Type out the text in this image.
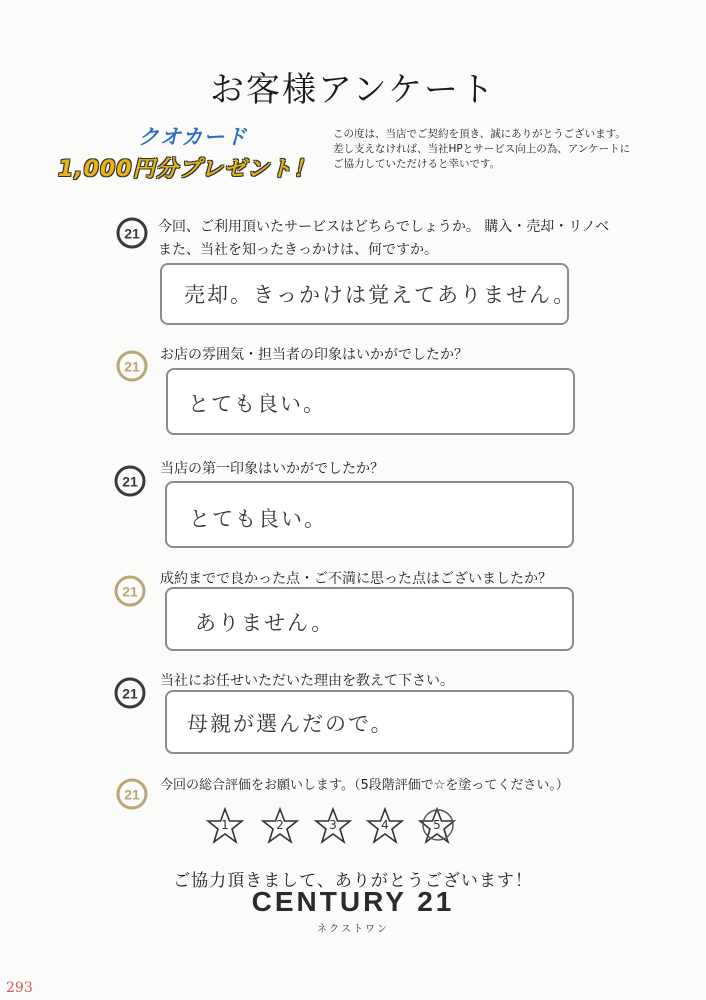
お客様アンケート
クオカード
1,000円分プレゼント！
この度は、当店でご契約を頂き、誠にありがとうございます。
差し支えなければ、当社HPとサービス向上の為、アンケートに
ご協力していただけると幸いです。
21 今回、ご利用頂いたサービスはどちらでしょうか。 購入・売却・リノベ
また、当社を知ったきっかけは、何ですか。
売却。きっかけは覚えてありません。
21
お店の雰囲気・担当者の印象はいかがでしたか？
とても良い。
21
当店の第一印象はいかがでしたか？
とても良い。
21
成約までで良かった点・ご不満に思った点はございましたか？
ありません。
21
当社にお任せいただいた理由を教えて下さい。
母親が選んだので。
21
今回の総合評価をお願いします。（5段階評価で☆を塗ってください。）
1	2	3	4	5
ご協力頂きまして、ありがとうございます！
CENTURY 21
ネクストワン
293
